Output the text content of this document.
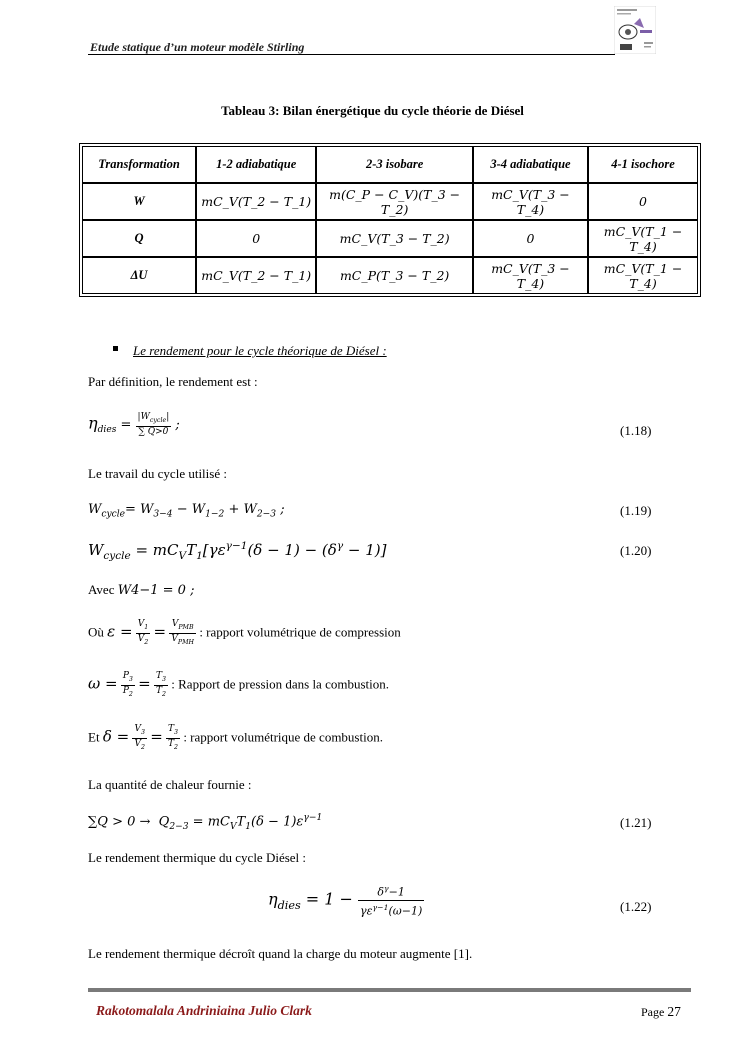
Etude statique d’un moteur modèle Stirling
Tableau 3: Bilan énergétique du cycle théorie de Diésel
Transformation	1-2 adiabatique	2-3 isobare	3-4 adiabatique	4-1 isochore
W	mC_V(T_2 − T_1)	m(C_P − C_V)(T_3 − T_2)	mC_V(T_3 − T_4)	0
Q	0	mC_V(T_3 − T_2)	0	mC_V(T_1 − T_4)
ΔU	mC_V(T_2 − T_1)	mC_P(T_3 − T_2)	mC_V(T_3 − T_4)	mC_V(T_1 − T_4)
Le rendement pour le cycle théorique de Diésel :
Par définition, le rendement est :
$\eta_{dies} = \frac{|W_{cycle}|}{\sum Q>0}$ ;	(1.18)
Le travail du cycle utilisé :
$W_{cycle}= W_{3-4} - W_{1-2} + W_{2-3}$ ;	(1.19)
$W_{cycle} = mC_VT_1[\gamma\varepsilon^{\gamma-1}(\delta - 1) - (\delta^\gamma - 1)]$	(1.20)
Avec W4−1 = 0 ;
Où $\varepsilon = \frac{V_1}{V_2} = \frac{V_{PMB}}{V_{PMH}}$ : rapport volumétrique de compression
$\omega = \frac{P_3}{P_2} = \frac{T_3}{T_2}$ : Rapport de pression dans la combustion.
Et $\delta = \frac{V_3}{V_2} = \frac{T_3}{T_2}$ : rapport volumétrique de combustion.
La quantité de chaleur fournie :
$\sum Q > 0 \to Q_{2-3} = mC_VT_1(\delta - 1)\varepsilon^{\gamma-1}$	(1.21)
Le rendement thermique du cycle Diésel :
$\eta_{dies} = 1 - \frac{\delta^\gamma-1}{\gamma\varepsilon^{\gamma-1}(\omega-1)}$	(1.22)
Le rendement thermique décroît quand la charge du moteur augmente [1].
Rakotomalala Andriniaina Julio Clark	Page 27
